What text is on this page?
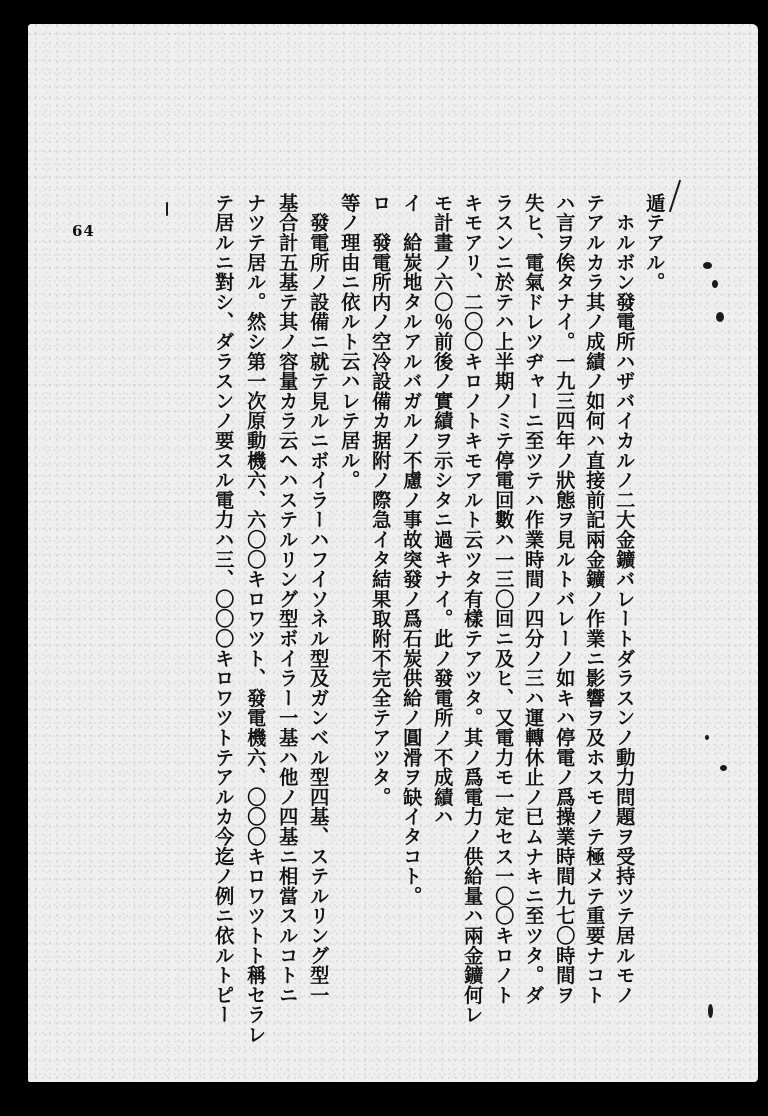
64	遁テアル。
　ホルボン發電所ハザバイカルノ二大金鑛バレートダラスンノ動力問題ヲ受持ツテ居ルモノ
テアルカラ其ノ成績ノ如何ハ直接前記兩金鑛ノ作業ニ影響ヲ及ホスモノテ極メテ重要ナコト
ハ言ヲ俟タナイ。一九三四年ノ狀態ヲ見ルトバレーノ如キハ停電ノ爲操業時間九七〇時間ヲ
失ヒ、電氣ドレツヂャーニ至ツテハ作業時間ノ四分ノ三ハ運轉休止ノ已ムナキニ至ツタ。ダ
ラスンニ於テハ上半期ノミテ停電回數ハ一三〇回ニ及ヒ、又電力モ一定セス一〇〇キロノト
キモアリ、二〇〇キロノトキモアルト云ツタ有樣テアツタ。其ノ爲電力ノ供給量ハ兩金鑛何レ
モ計畫ノ六〇％前後ノ實績ヲ示シタニ過キナイ。此ノ發電所ノ不成績ハ
イ　給炭地タルアルバガルノ不慮ノ事故突發ノ爲石炭供給ノ圓滑ヲ缺イタコト。
ロ　發電所内ノ空冷設備カ据附ノ際急イタ結果取附不完全テアツタ。
等ノ理由ニ依ルト云ハレテ居ル。
　發電所ノ設備ニ就テ見ルニボイラーハフイソネル型及ガンベル型四基、ステルリング型一
基合計五基テ其ノ容量カラ云ヘハステルリング型ボイラー一基ハ他ノ四基ニ相當スルコトニ
ナツテ居ル。然シ第一次原動機六、六〇〇キロワツト、發電機六、〇〇〇キロワツトト稱セラレ
テ居ルニ對シ、ダラスンノ要スル電力ハ三、〇〇〇キロワツトテアルカ今迄ノ例ニ依ルトピー
